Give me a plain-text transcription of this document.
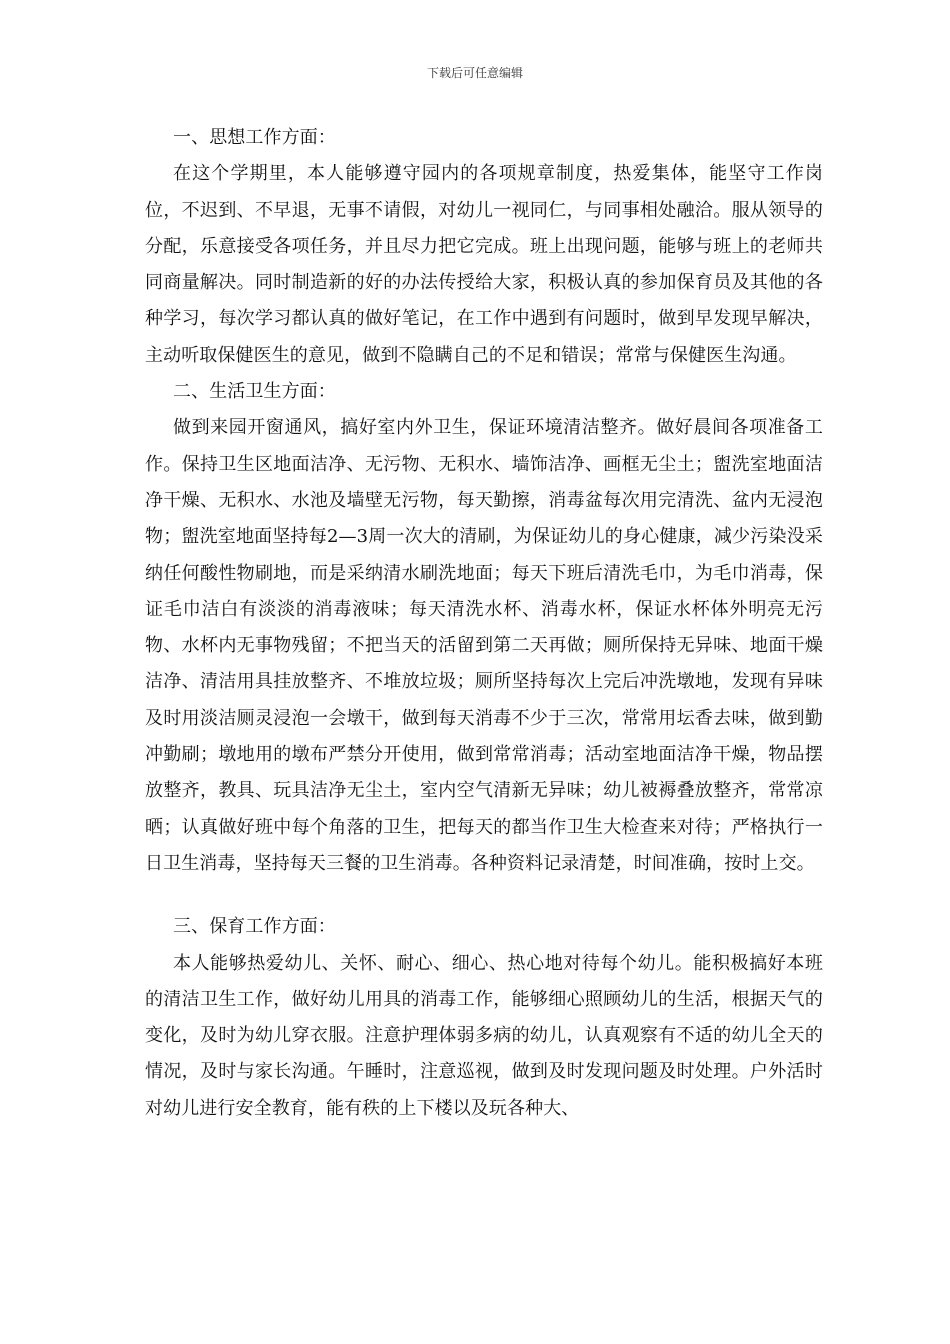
下载后可任意编辑

一、思想工作方面：

在这个学期里，本人能够遵守园内的各项规章制度，热爱集体，能坚守工作岗位，不迟到、不早退，无事不请假，对幼儿一视同仁，与同事相处融洽。服从领导的分配，乐意接受各项任务，并且尽力把它完成。班上出现问题，能够与班上的老师共同商量解决。同时制造新的好的办法传授给大家，积极认真的参加保育员及其他的各种学习，每次学习都认真的做好笔记，在工作中遇到有问题时，做到早发现早解决，主动听取保健医生的意见，做到不隐瞒自己的不足和错误；常常与保健医生沟通。

二、生活卫生方面：

做到来园开窗通风，搞好室内外卫生，保证环境清洁整齐。做好晨间各项准备工作。保持卫生区地面洁净、无污物、无积水、墙饰洁净、画框无尘土；盥洗室地面洁净干燥、无积水、水池及墙壁无污物，每天勤擦，消毒盆每次用完清洗、盆内无浸泡物；盥洗室地面坚持每2—3周一次大的清刷，为保证幼儿的身心健康，减少污染没采纳任何酸性物刷地，而是采纳清水刷洗地面；每天下班后清洗毛巾，为毛巾消毒，保证毛巾洁白有淡淡的消毒液味；每天清洗水杯、消毒水杯，保证水杯体外明亮无污物、水杯内无事物残留；不把当天的活留到第二天再做；厕所保持无异味、地面干燥洁净、清洁用具挂放整齐、不堆放垃圾；厕所坚持每次上完后冲洗墩地，发现有异味及时用淡洁厕灵浸泡一会墩干，做到每天消毒不少于三次，常常用坛香去味，做到勤冲勤刷；墩地用的墩布严禁分开使用，做到常常消毒；活动室地面洁净干燥，物品摆放整齐，教具、玩具洁净无尘土，室内空气清新无异味；幼儿被褥叠放整齐，常常凉晒；认真做好班中每个角落的卫生，把每天的都当作卫生大检查来对待；严格执行一日卫生消毒，坚持每天三餐的卫生消毒。各种资料记录清楚，时间准确，按时上交。

三、保育工作方面：

本人能够热爱幼儿、关怀、耐心、细心、热心地对待每个幼儿。能积极搞好本班的清洁卫生工作，做好幼儿用具的消毒工作，能够细心照顾幼儿的生活，根据天气的变化，及时为幼儿穿衣服。注意护理体弱多病的幼儿，认真观察有不适的幼儿全天的情况，及时与家长沟通。午睡时，注意巡视，做到及时发现问题及时处理。户外活时对幼儿进行安全教育，能有秩的上下楼以及玩各种大、
